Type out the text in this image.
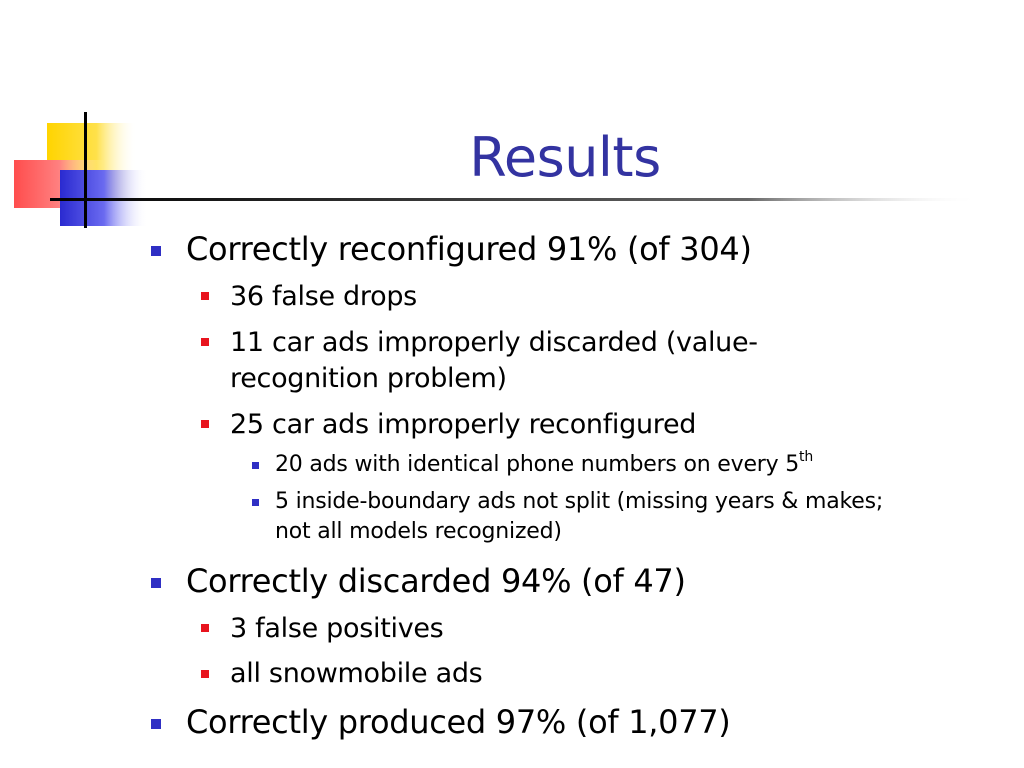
Results
Correctly reconfigured 91% (of 304)
36 false drops
11 car ads improperly discarded (value-
recognition problem)
25 car ads improperly reconfigured
20 ads with identical phone numbers on every 5th
5 inside-boundary ads not split (missing years & makes;
not all models recognized)
Correctly discarded 94% (of 47)
3 false positives
all snowmobile ads
Correctly produced 97% (of 1,077)
